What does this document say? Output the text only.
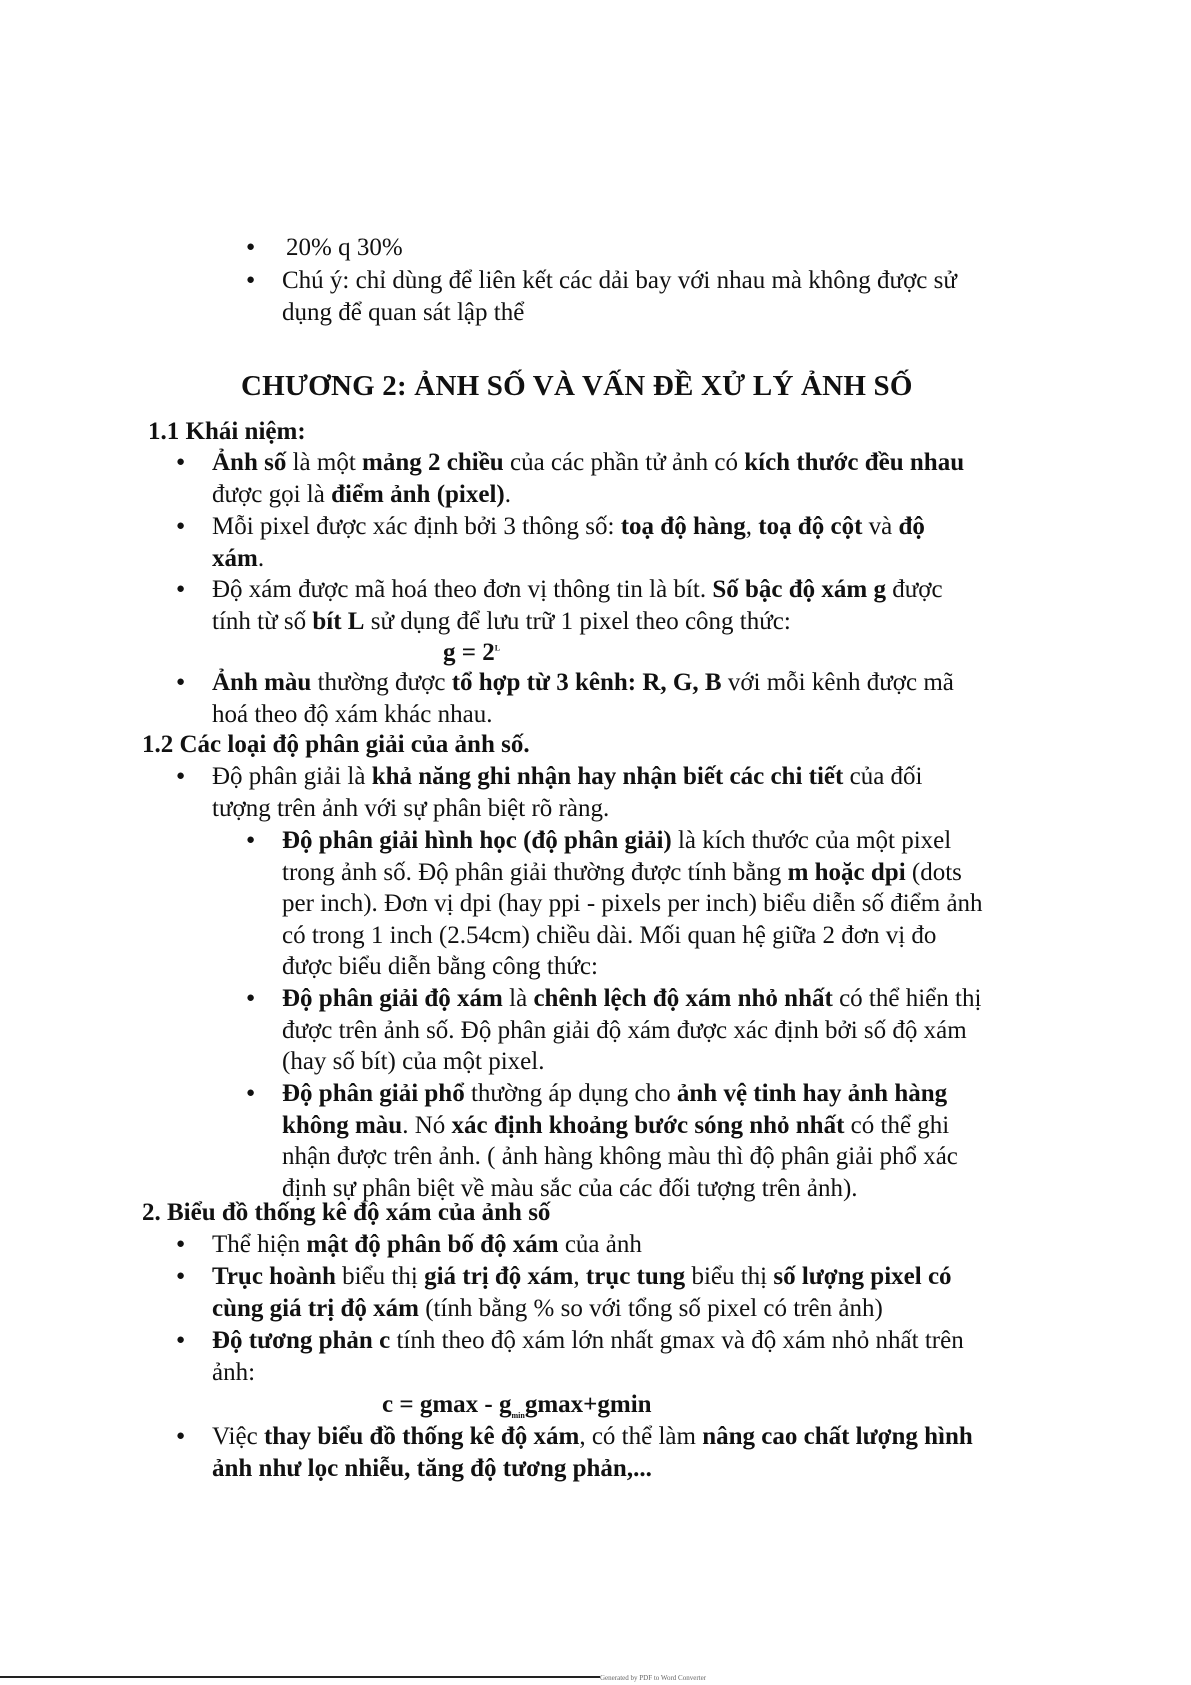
● 20% q 30%
● Chú ý: chỉ dùng để liên kết các dải bay với nhau mà không được sử
dụng để quan sát lập thể
CHƯƠNG 2: ẢNH SỐ VÀ VẤN ĐỀ XỬ LÝ ẢNH SỐ
1.1 Khái niệm:
● Ảnh số là một mảng 2 chiều của các phần tử ảnh có kích thước đều nhau
được gọi là điểm ảnh (pixel).
● Mỗi pixel được xác định bởi 3 thông số: toạ độ hàng, toạ độ cột và độ
xám.
● Độ xám được mã hoá theo đơn vị thông tin là bít. Số bậc độ xám g được
tính từ số bít L sử dụng để lưu trữ 1 pixel theo công thức:
$g = 2^L$
● Ảnh màu thường được tổ hợp từ 3 kênh: R, G, B với mỗi kênh được mã
hoá theo độ xám khác nhau.
1.2 Các loại độ phân giải của ảnh số.
● Độ phân giải là khả năng ghi nhận hay nhận biết các chi tiết của đối
tượng trên ảnh với sự phân biệt rõ ràng.
● Độ phân giải hình học (độ phân giải) là kích thước của một pixel
trong ảnh số. Độ phân giải thường được tính bằng m hoặc dpi (dots
per inch). Đơn vị dpi (hay ppi - pixels per inch) biểu diễn số điểm ảnh
có trong 1 inch (2.54cm) chiều dài. Mối quan hệ giữa 2 đơn vị đo
được biểu diễn bằng công thức:
● Độ phân giải độ xám là chênh lệch độ xám nhỏ nhất có thể hiển thị
được trên ảnh số. Độ phân giải độ xám được xác định bởi số độ xám
(hay số bít) của một pixel.
● Độ phân giải phổ thường áp dụng cho ảnh vệ tinh hay ảnh hàng
không màu. Nó xác định khoảng bước sóng nhỏ nhất có thể ghi
nhận được trên ảnh. ( ảnh hàng không màu thì độ phân giải phổ xác
định sự phân biệt về màu sắc của các đối tượng trên ảnh).
2. Biểu đồ thống kê độ xám của ảnh số
● Thể hiện mật độ phân bố độ xám của ảnh
● Trục hoành biểu thị giá trị độ xám, trục tung biểu thị số lượng pixel có
cùng giá trị độ xám (tính bằng % so với tổng số pixel có trên ảnh)
● Độ tương phản c tính theo độ xám lớn nhất gmax và độ xám nhỏ nhất trên
ảnh:
$c = gmax - g_{min}gmax+gmin$
● Việc thay biểu đồ thống kê độ xám, có thể làm nâng cao chất lượng hình
ảnh như lọc nhiễu, tăng độ tương phản,...
Generated by PDF to Word Converter
